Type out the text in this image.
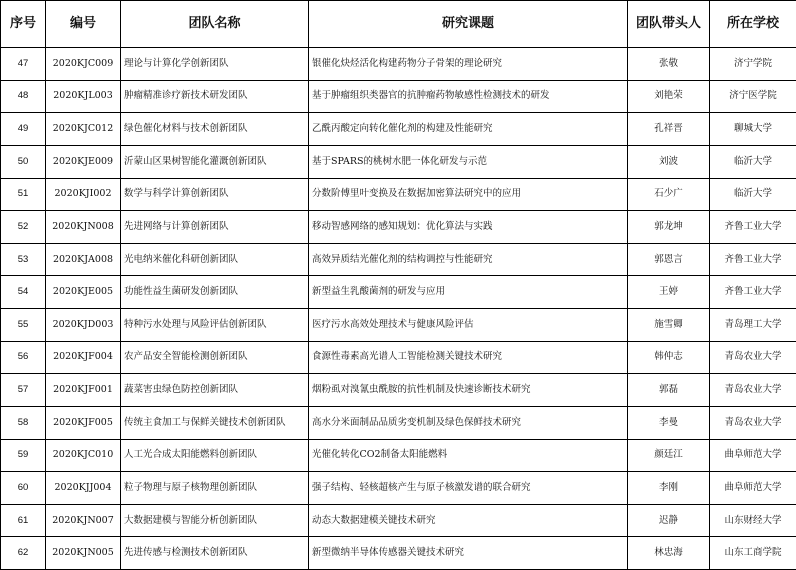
序号	编号	团队名称	研究课题	团队带头人	所在学校
47	2020KJC009	理论与计算化学创新团队	银催化炔烃活化构建药物分子骨架的理论研究	张敬	济宁学院
48	2020KJL003	肿瘤精准诊疗新技术研发团队	基于肿瘤组织类器官的抗肿瘤药物敏感性检测技术的研发	刘艳荣	济宁医学院
49	2020KJC012	绿色催化材料与技术创新团队	乙酰丙酸定向转化催化剂的构建及性能研究	孔祥晋	聊城大学
50	2020KJE009	沂蒙山区果树智能化灌溉创新团队	基于SPARS的桃树水肥一体化研发与示范	刘波	临沂大学
51	2020KJI002	数学与科学计算创新团队	分数阶傅里叶变换及在数据加密算法研究中的应用	石少广	临沂大学
52	2020KJN008	先进网络与计算创新团队	移动智感网络的感知规划：优化算法与实践	郭龙坤	齐鲁工业大学
53	2020KJA008	光电纳米催化科研创新团队	高效异质结光催化剂的结构调控与性能研究	郭恩言	齐鲁工业大学
54	2020KJE005	功能性益生菌研发创新团队	新型益生乳酸菌剂的研发与应用	王婷	齐鲁工业大学
55	2020KJD003	特种污水处理与风险评估创新团队	医疗污水高效处理技术与健康风险评估	施雪卿	青岛理工大学
56	2020KJF004	农产品安全智能检测创新团队	食源性毒素高光谱人工智能检测关键技术研究	韩仲志	青岛农业大学
57	2020KJF001	蔬菜害虫绿色防控创新团队	烟粉虱对溴氰虫酰胺的抗性机制及快速诊断技术研究	郭磊	青岛农业大学
58	2020KJF005	传统主食加工与保鲜关键技术创新团队	高水分米面制品品质劣变机制及绿色保鲜技术研究	李曼	青岛农业大学
59	2020KJC010	人工光合成太阳能燃料创新团队	光催化转化CO2制备太阳能燃料	颜廷江	曲阜师范大学
60	2020KJJ004	粒子物理与原子核物理创新团队	强子结构、轻核超核产生与原子核激发谱的联合研究	李刚	曲阜师范大学
61	2020KJN007	大数据建模与智能分析创新团队	动态大数据建模关键技术研究	迟静	山东财经大学
62	2020KJN005	先进传感与检测技术创新团队	新型微纳半导体传感器关键技术研究	林忠海	山东工商学院
